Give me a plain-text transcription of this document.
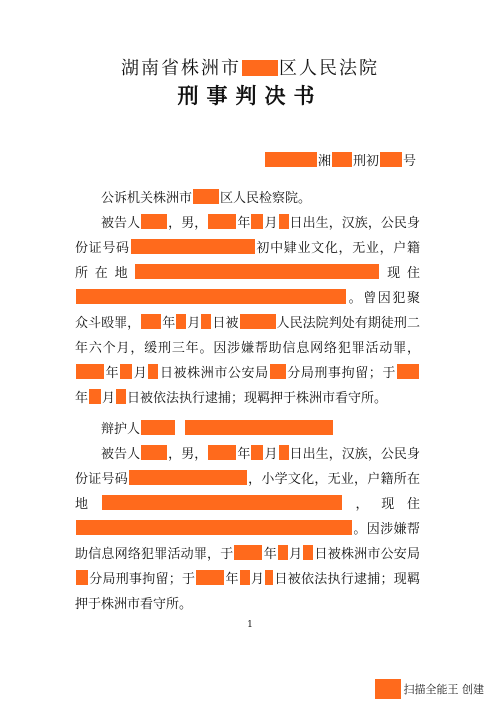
湖南省株洲市 区人民法院
刑事判决书
湘 刑初 号

公诉机关株洲市 区人民检察院。

被告人 ，男， 年 月 日出生，汉族，公民身份证号码	初中肄业文化，无业，户籍所在地	现住。曾因犯聚众斗殴罪， 年 月 日被	人民法院判处有期徒刑二年六个月，缓刑三年。因涉嫌帮助信息网络犯罪活动罪，年 月 日被株洲市公安局 分局刑事拘留；于年 月 日被依法执行逮捕；现羁押于株洲市看守所。

辩护人

被告人 ，男， 年 月 日出生，汉族，公民身份证号码	，小学文化，无业，户籍所在地	，现住。因涉嫌帮助信息网络犯罪活动罪，于 年 月 日被株洲市公安局分局刑事拘留；于 年 月 日被依法执行逮捕；现羁押于株洲市看守所。

1
扫描全能王 创建
